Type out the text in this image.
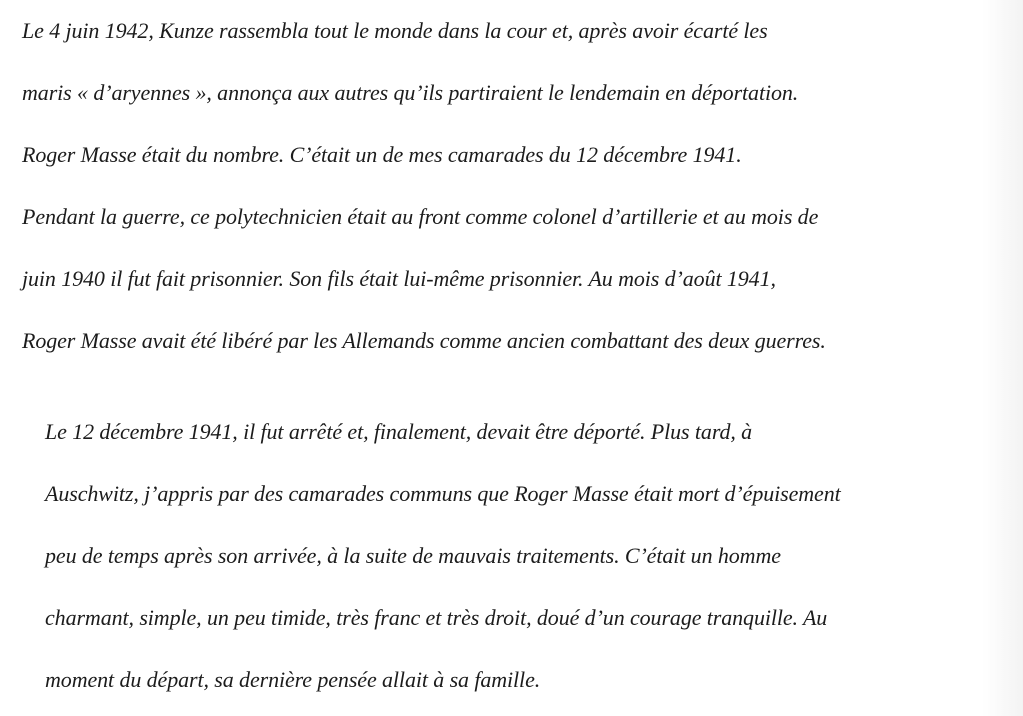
Le 4 juin 1942, Kunze rassembla tout le monde dans la cour et, après avoir écarté les
maris « d’aryennes », annonça aux autres qu’ils partiraient le lendemain en déportation.
Roger Masse était du nombre. C’était un de mes camarades du 12 décembre 1941.
Pendant la guerre, ce polytechnicien était au front comme colonel d’artillerie et au mois de
juin 1940 il fut fait prisonnier. Son fils était lui-même prisonnier. Au mois d’août 1941,
Roger Masse avait été libéré par les Allemands comme ancien combattant des deux guerres.

Le 12 décembre 1941, il fut arrêté et, finalement, devait être déporté. Plus tard, à
Auschwitz, j’appris par des camarades communs que Roger Masse était mort d’épuisement
peu de temps après son arrivée, à la suite de mauvais traitements. C’était un homme
charmant, simple, un peu timide, très franc et très droit, doué d’un courage tranquille. Au
moment du départ, sa dernière pensée allait à sa famille.
